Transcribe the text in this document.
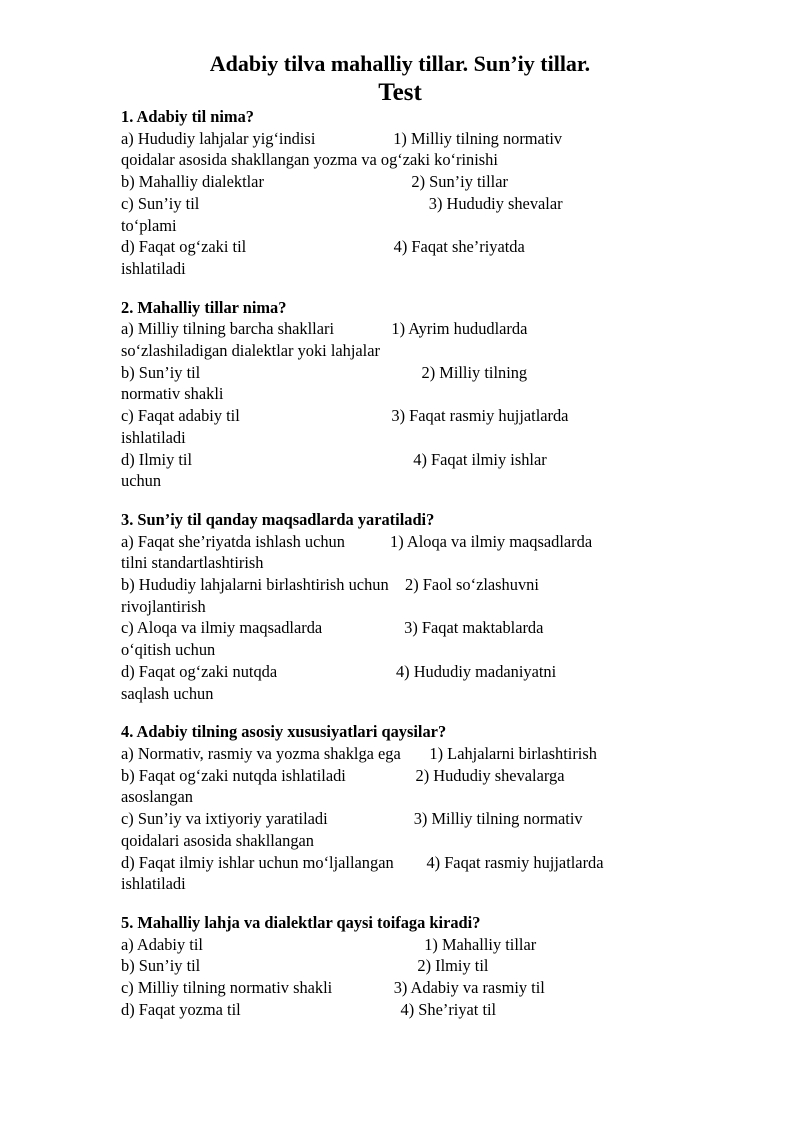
Adabiy tilva mahalliy tillar. Sun’iy tillar.
Test

1. Adabiy til nima?

a) Hududiy lahjalar yig‘indisi                   1) Milliy tilning normativ

qoidalar asosida shakllangan yozma va og‘zaki ko‘rinishi

b) Mahalliy dialektlar                                    2) Sun’iy tillar

c) Sun’iy til                                                        3) Hududiy shevalar

to‘plami

d) Faqat og‘zaki til                                    4) Faqat she’riyatda

ishlatiladi

2. Mahalliy tillar nima?

a) Milliy tilning barcha shakllari              1) Ayrim hududlarda

so‘zlashiladigan dialektlar yoki lahjalar

b) Sun’iy til                                                      2) Milliy tilning

normativ shakli

c) Faqat adabiy til                                     3) Faqat rasmiy hujjatlarda

ishlatiladi

d) Ilmiy til                                                      4) Faqat ilmiy ishlar

uchun

3. Sun’iy til qanday maqsadlarda yaratiladi?

a) Faqat she’riyatda ishlash uchun           1) Aloqa va ilmiy maqsadlarda

tilni standartlashtirish

b) Hududiy lahjalarni birlashtirish uchun    2) Faol so‘zlashuvni

rivojlantirish

c) Aloqa va ilmiy maqsadlarda                    3) Faqat maktablarda

o‘qitish uchun

d) Faqat og‘zaki nutqda                             4) Hududiy madaniyatni

saqlash uchun

4. Adabiy tilning asosiy xususiyatlari qaysilar?

a) Normativ, rasmiy va yozma shaklga ega       1) Lahjalarni birlashtirish

b) Faqat og‘zaki nutqda ishlatiladi                 2) Hududiy shevalarga

asoslangan

c) Sun’iy va ixtiyoriy yaratiladi                     3) Milliy tilning normativ

qoidalari asosida shakllangan

d) Faqat ilmiy ishlar uchun mo‘ljallangan        4) Faqat rasmiy hujjatlarda

ishlatiladi

5. Mahalliy lahja va dialektlar qaysi toifaga kiradi?

a) Adabiy til                                                      1) Mahalliy tillar

b) Sun’iy til                                                     2) Ilmiy til

c) Milliy tilning normativ shakli               3) Adabiy va rasmiy til

d) Faqat yozma til                                       4) She’riyat til
